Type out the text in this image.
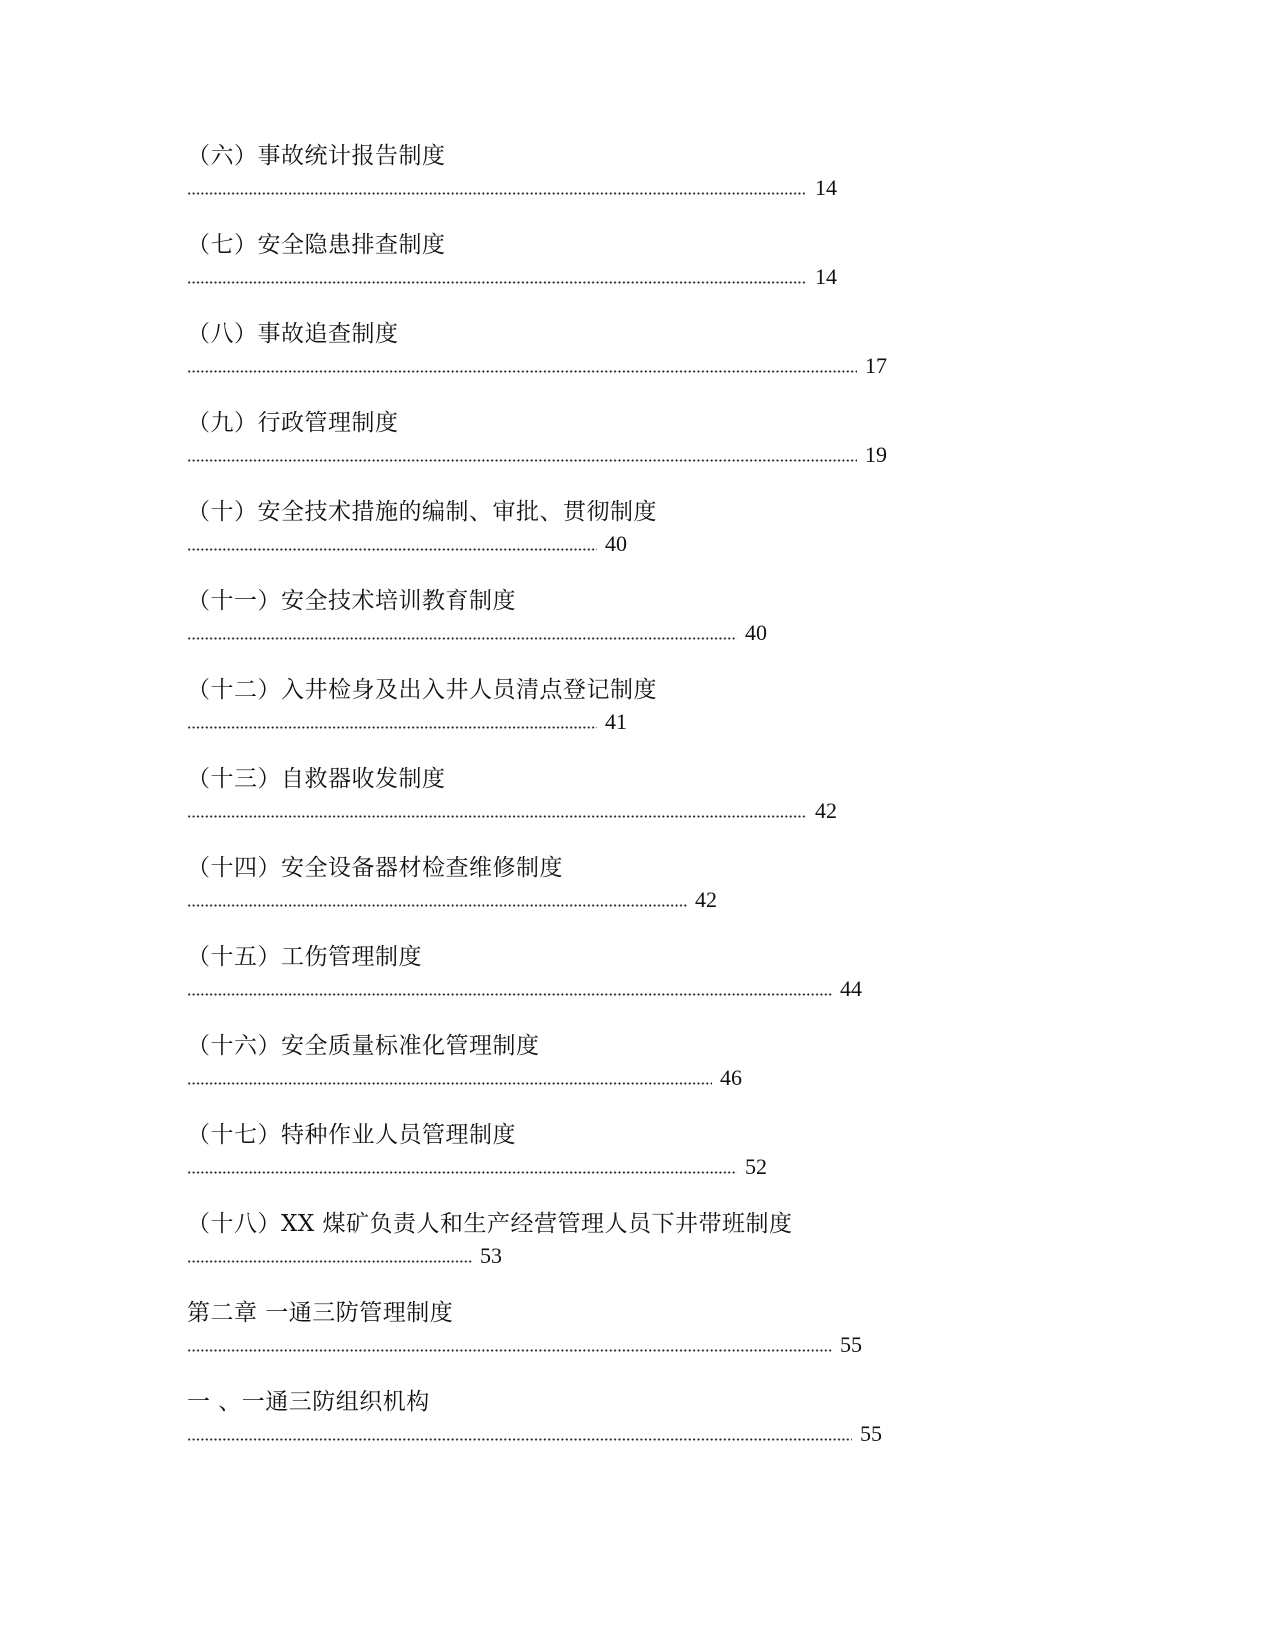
（六）事故统计报告制度
14
（七）安全隐患排查制度
14
（八）事故追查制度
17
（九）行政管理制度
19
（十）安全技术措施的编制、审批、贯彻制度
40
（十一）安全技术培训教育制度
40
（十二）入井检身及出入井人员清点登记制度
41
（十三）自救器收发制度
42
（十四）安全设备器材检查维修制度
42
（十五）工伤管理制度
44
（十六）安全质量标准化管理制度
46
（十七）特种作业人员管理制度
52
（十八）XX 煤矿负责人和生产经营管理人员下井带班制度
53
第二章 一通三防管理制度
55
一 、一通三防组织机构
55
